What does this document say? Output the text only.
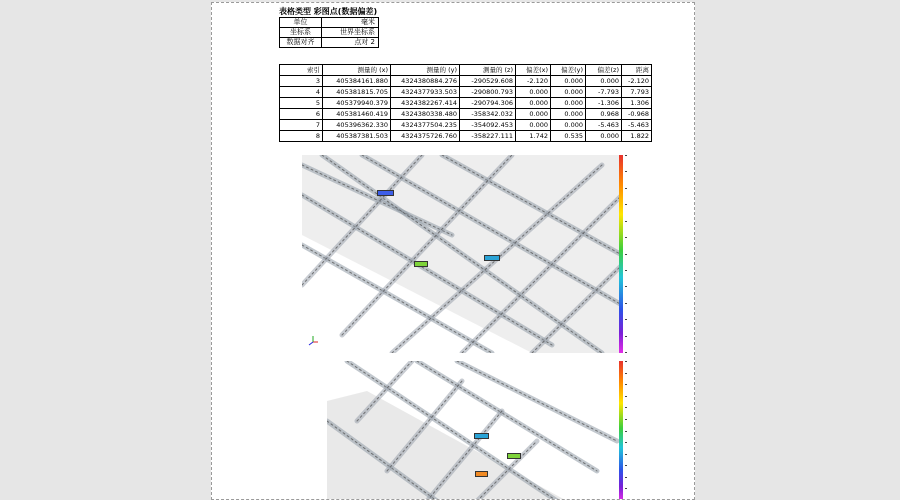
表格类型 彩图点(数据偏差)
单位	毫米
坐标系	世界坐标系
数据对齐	点对 2
索引	测量的 (x)	测量的 (y)	测量的 (z)	偏差(x)	偏差(y)	偏差(z)	距离
3	405384161.880	4324380884.276	-290529.608	-2.120	0.000	0.000	-2.120
4	405381815.705	4324377933.503	-290800.793	0.000	0.000	-7.793	7.793
5	405379940.379	4324382267.414	-290794.306	0.000	0.000	-1.306	1.306
6	405381460.419	4324380338.480	-358342.032	0.000	0.000	0.968	-0.968
7	405396362.330	4324377504.235	-354092.453	0.000	0.000	-5.463	-5.463
8	405387381.503	4324375726.760	-358227.111	1.742	0.535	0.000	1.822
